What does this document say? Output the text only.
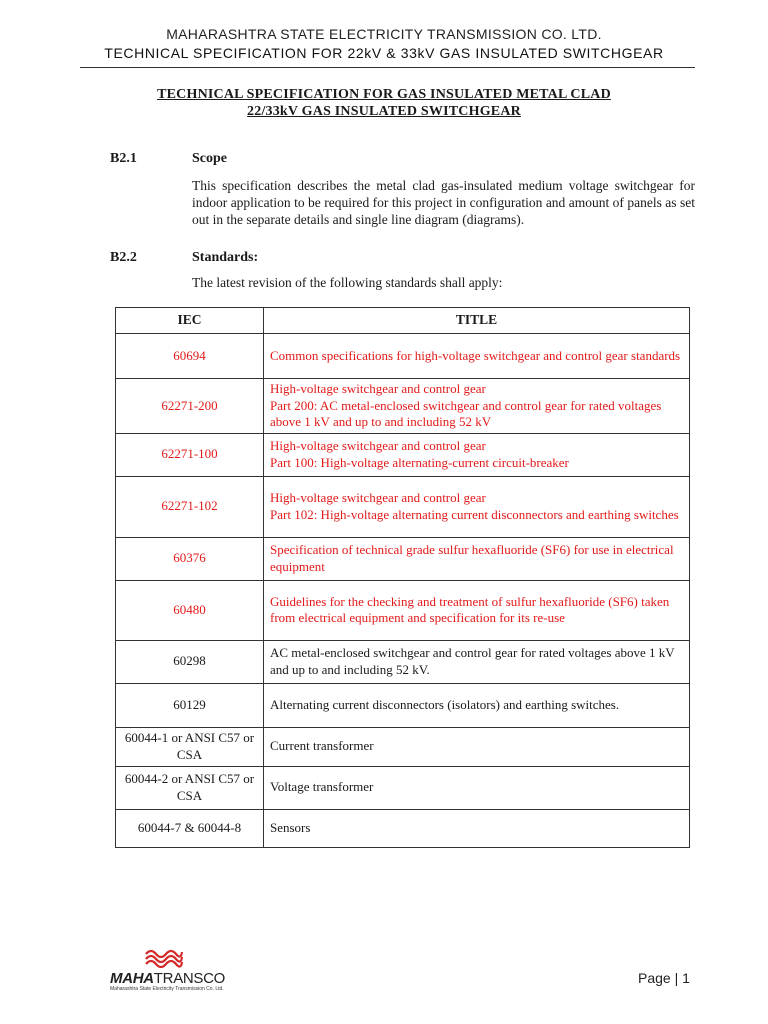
MAHARASHTRA STATE ELECTRICITY TRANSMISSION CO. LTD.
TECHNICAL SPECIFICATION FOR 22kV & 33kV GAS INSULATED SWITCHGEAR
TECHNICAL SPECIFICATION FOR GAS INSULATED METAL CLAD
22/33kV GAS INSULATED SWITCHGEAR
B2.1	Scope
This specification describes the metal clad gas-insulated medium voltage switchgear for indoor application to be required for this project in configuration and amount of panels as set out in the separate details and single line diagram (diagrams).
B2.2	Standards:
The latest revision of the following standards shall apply:
IEC	TITLE
60694	Common specifications for high-voltage switchgear and control gear standards
62271-200	High-voltage switchgear and control gear
Part 200: AC metal-enclosed switchgear and control gear for rated voltages above 1 kV and up to and including 52 kV

62271-100	High-voltage switchgear and control gear
Part 100: High-voltage alternating-current circuit-breaker

62271-102	High-voltage switchgear and control gear
Part 102: High-voltage alternating current disconnectors and earthing switches

60376	Specification of technical grade sulfur hexafluoride (SF6) for use in electrical equipment
60480	Guidelines for the checking and treatment of sulfur hexafluoride (SF6) taken from electrical equipment and specification for its re-use
60298	AC metal-enclosed switchgear and control gear for rated voltages above 1 kV and up to and including 52 kV.
60129	Alternating current disconnectors (isolators) and earthing switches.
60044-1 or ANSI C57 or CSA	Current transformer
60044-2 or ANSI C57 or CSA	Voltage transformer
60044-7 & 60044-8	Sensors
MAHATRANSCO
Maharashtra State Electricity Transmission Co. Ltd.
Page | 1
